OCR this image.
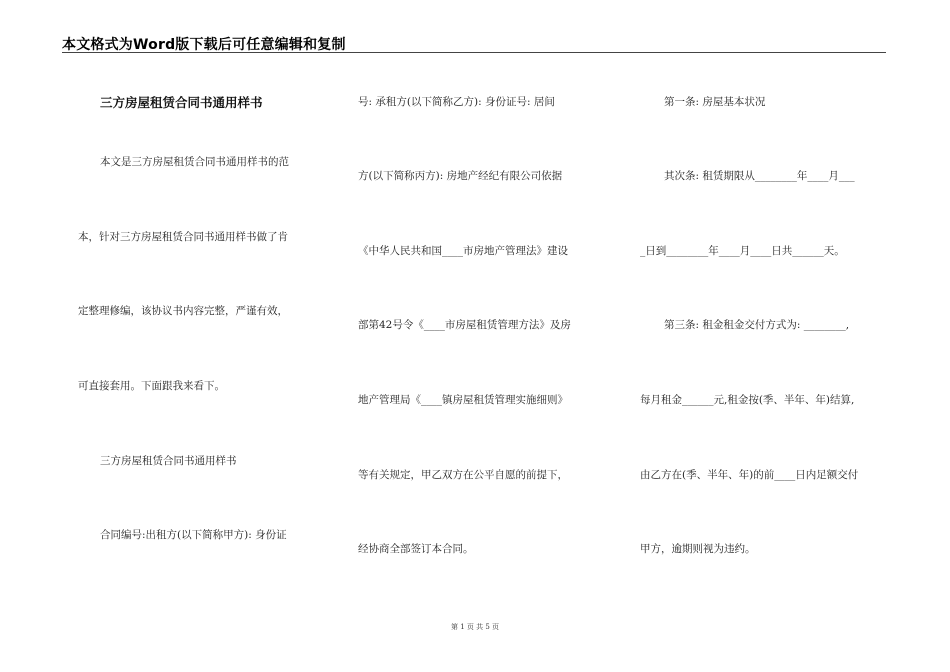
本文格式为Word版下载后可任意编辑和复制
三方房屋租赁合同书通用样书
本文是三方房屋租赁合同书通用样书的范
本，针对三方房屋租赁合同书通用样书做了肯
定整理修编，该协议书内容完整，严谨有效，
可直接套用。下面跟我来看下。
三方房屋租赁合同书通用样书
合同编号:出租方(以下简称甲方): 身份证
号: 承租方(以下简称乙方): 身份证号: 居间
方(以下简称丙方): 房地产经纪有限公司依据
《中华人民共和国____市房地产管理法》建设
部第42号令《____市房屋租赁管理方法》及房
地产管理局《____镇房屋租赁管理实施细则》
等有关规定，甲乙双方在公平自愿的前提下，
经协商全部签订本合同。
第一条: 房屋基本状况
其次条: 租赁期限从________年____月___
_日到________年____月____日共______天。
第三条: 租金租金交付方式为: ________,
每月租金______元,租金按(季、半年、年)结算,
由乙方在(季、半年、年)的前____日内足额交付
甲方，逾期则视为违约。
第 1 页 共 5 页
